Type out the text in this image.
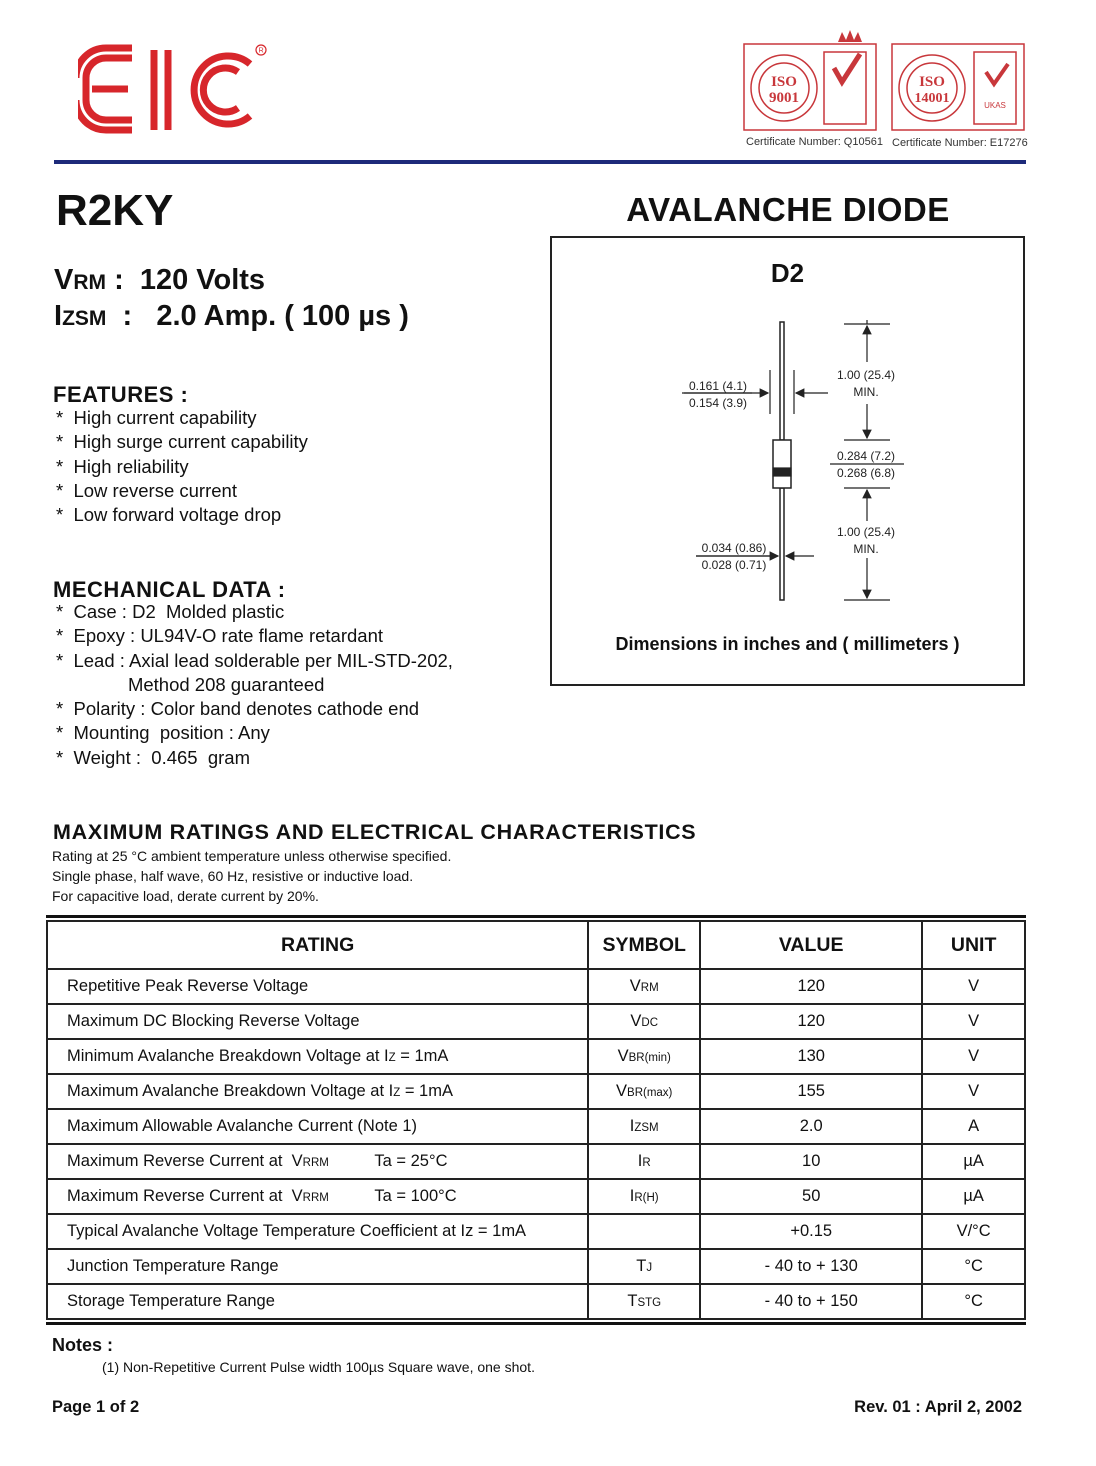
R
ISO
9001
ISO
14001	UKAS
Certificate Number: Q10561 Certificate Number: E17276
R2KY	AVALANCHE DIODE
VRM :  120 Volts
IZSM  :   2.0 Amp. ( 100 µs )
FEATURES :
*  High current capability
*  High surge current capability
*  High reliability
*  Low reverse current
*  Low forward voltage drop
MECHANICAL DATA :
*  Case : D2  Molded plastic
*  Epoxy : UL94V-O rate flame retardant
*  Lead : Axial lead solderable per MIL-STD-202,
Method 208 guaranteed
*  Polarity : Color band denotes cathode end
*  Mounting  position : Any
*  Weight :  0.465  gram
D2
0.161 (4.1)
0.154 (3.9)
1.00 (25.4)
MIN.
0.284 (7.2)
0.268 (6.8)
1.00 (25.4)
MIN.
0.034 (0.86)
0.028 (0.71)
Dimensions in inches and ( millimeters )
MAXIMUM RATINGS AND ELECTRICAL CHARACTERISTICS
Rating at 25 °C ambient temperature unless otherwise specified.
Single phase, half wave, 60 Hz, resistive or inductive load.
For capacitive load, derate current by 20%.
RATING	SYMBOL	VALUE	UNIT
Repetitive Peak Reverse Voltage	VRM	120	V
Maximum DC Blocking Reverse Voltage	VDC	120	V
Minimum Avalanche Breakdown Voltage at IZ = 1mA	VBR(min)	130	V
Maximum Avalanche Breakdown Voltage at IZ = 1mA	VBR(max)	155	V
Maximum Allowable Avalanche Current (Note 1)	IZSM	2.0	A
Maximum Reverse Current at  VRRM          Ta = 25°C	IR	10	µA
Maximum Reverse Current at  VRRM          Ta = 100°C	IR(H)	50	µA
Typical Avalanche Voltage Temperature Coefficient at Iz = 1mA		+0.15	V/°C
Junction Temperature Range	TJ	- 40 to + 130	°C
Storage Temperature Range	TSTG	- 40 to + 150	°C
Notes :
(1) Non-Repetitive Current Pulse width 100µs Square wave, one shot.
Page 1 of 2	Rev. 01 : April 2, 2002
